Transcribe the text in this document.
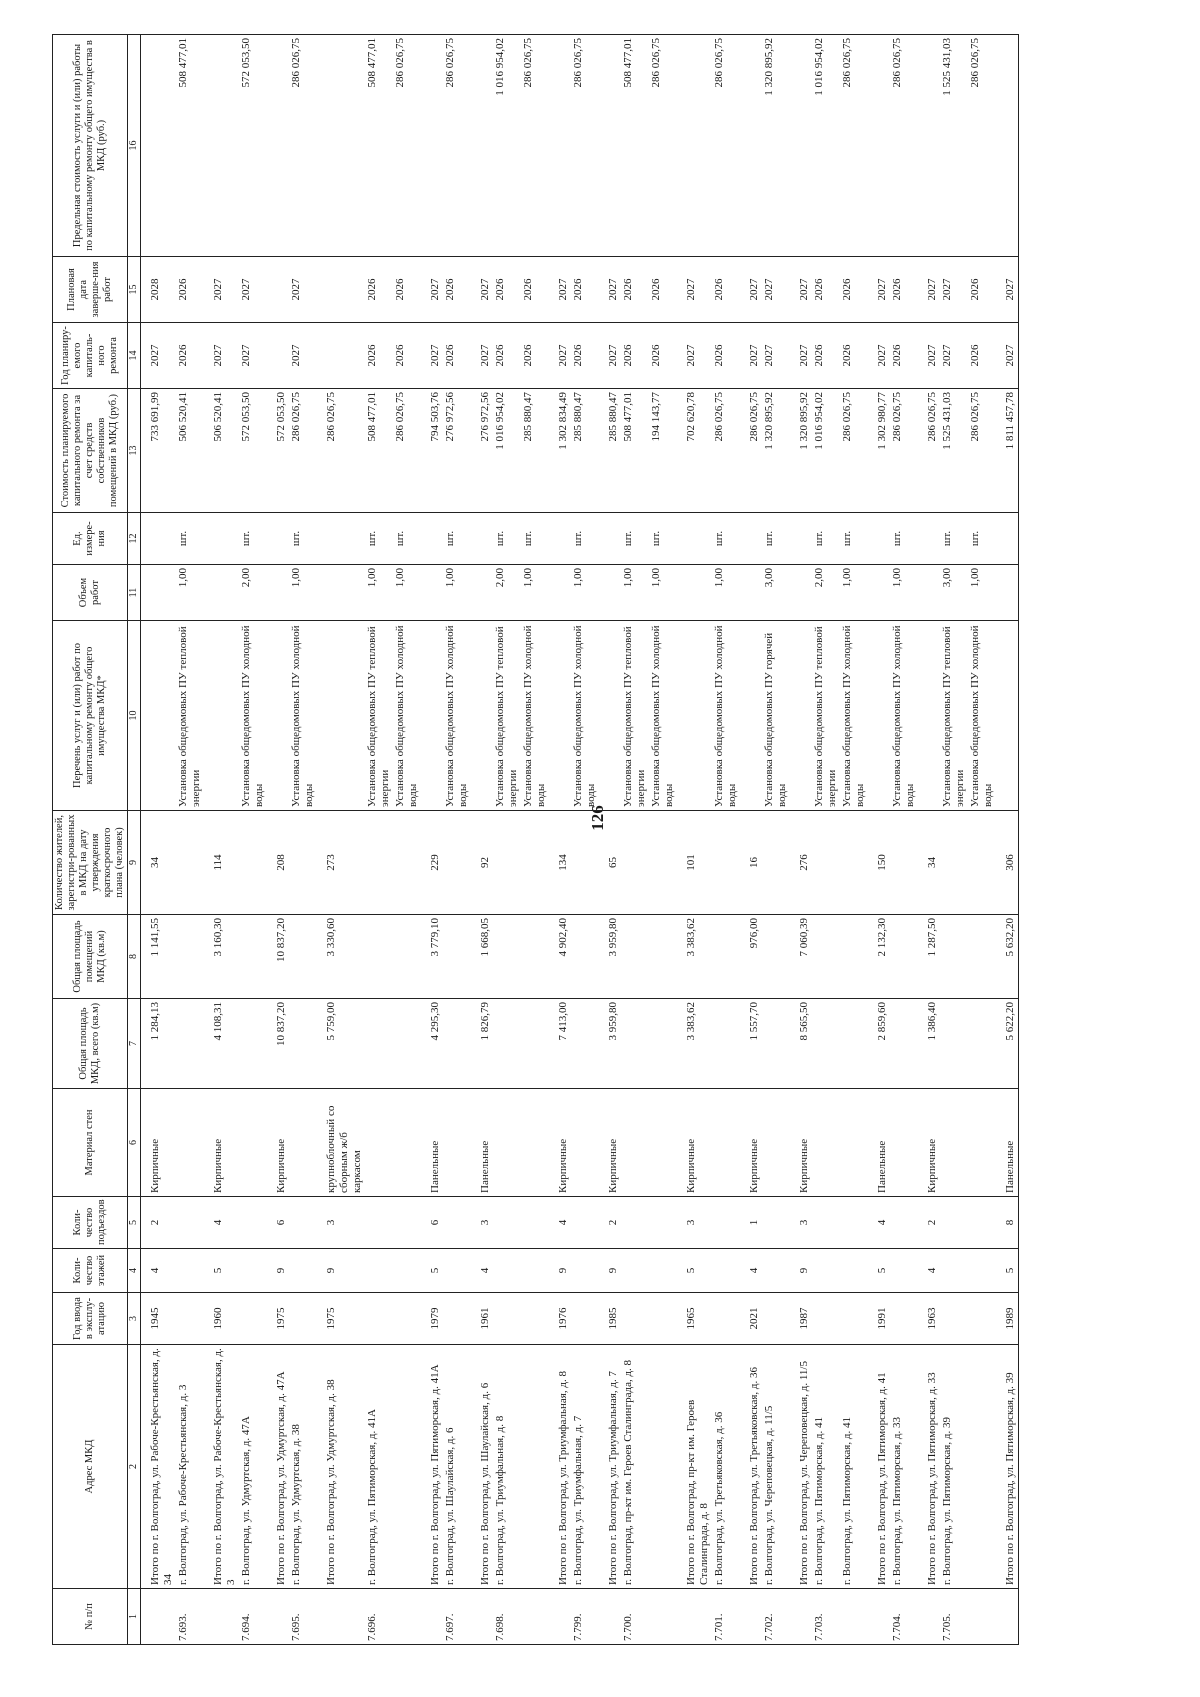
126
№ п/п	Адрес МКД	Год ввода в эксплу-атацию	Коли-чество этажей	Коли-чество подъездов	Материал стен	Общая площадь МКД, всего (кв.м)	Общая площадь помещений МКД (кв.м)	Количество жителей, зарегистри-рованных в МКД на дату утверждения краткосрочного плана (человек)	Перечень услуг и (или) работ по капитальному ремонту общего имущества МКД*	Объем работ	Ед. измере-ния	Стоимость планируемого капитального ремонта за счет средств собственников помещений в МКД (руб.)	Год планиру-емого капиталь-ного ремонта	Плановая дата заверше-ния работ	Предельная стоимость услуги и (или) работы по капитальному ремонту общего имущества в МКД (руб.)
1	2	3	4	5	6	7	8	9	10	11	12	13	14	15	16
	Итого по г. Волгоград, ул. Рабоче-Крестьянская, д. 34	1945	4	2	Кирпичные	1 284,13	1 141,55	34				733 691,99	2027	2028	
7.693.	г. Волгоград, ул. Рабоче-Крестьянская, д. 3								Установка общедомовых ПУ тепловой энергии	1,00	шт.	506 520,41	2026	2026	508 477,01
	Итого по г. Волгоград, ул. Рабоче-Крестьянская, д. 3	1960	5	4	Кирпичные	4 108,31	3 160,30	114				506 520,41	2027	2027	
7.694.	г. Волгоград, ул. Удмуртская, д. 47А								Установка общедомовых ПУ холодной воды	2,00	шт.	572 053,50	2027	2027	572 053,50
	Итого по г. Волгоград, ул. Удмуртская, д. 47А	1975	9	6	Кирпичные	10 837,20	10 837,20	208				572 053,50			
7.695.	г. Волгоград, ул. Удмуртская, д. 38								Установка общедомовых ПУ холодной воды	1,00	шт.	286 026,75	2027	2027	286 026,75
	Итого по г. Волгоград, ул. Удмуртская, д. 38	1975	9	3	крупноблочный со сборным ж/б каркасом	5 759,00	3 330,60	273				286 026,75			
7.696.	г. Волгоград, ул. Пятиморская, д. 41А								Установка общедомовых ПУ тепловой энергии	1,00	шт.	508 477,01	2026	2026	508 477,01
									Установка общедомовых ПУ холодной воды	1,00	шт.	286 026,75	2026	2026	286 026,75
	Итого по г. Волгоград, ул. Пятиморская, д. 41А	1979	5	6	Панельные	4 295,30	3 779,10	229				794 503,76	2027	2027	
7.697.	г. Волгоград, ул. Шаулайская, д. 6								Установка общедомовых ПУ холодной воды	1,00	шт.	276 972,56	2026	2026	286 026,75
	Итого по г. Волгоград, ул. Шаулайская, д. 6	1961	4	3	Панельные	1 826,79	1 668,05	92				276 972,56	2027	2027	
7.698.	г. Волгоград, ул. Триумфальная, д. 8								Установка общедомовых ПУ тепловой энергии	2,00	шт.	1 016 954,02	2026	2026	1 016 954,02
									Установка общедомовых ПУ холодной воды	1,00	шт.	285 880,47	2026	2026	286 026,75
	Итого по г. Волгоград, ул. Триумфальная, д. 8	1976	9	4	Кирпичные	7 413,00	4 902,40	134				1 302 834,49	2027	2027	
7.799.	г. Волгоград, ул. Триумфальная, д. 7								Установка общедомовых ПУ холодной воды	1,00	шт.	285 880,47	2026	2026	286 026,75
	Итого по г. Волгоград, ул. Триумфальная, д. 7	1985	9	2	Кирпичные	3 959,80	3 959,80	65				285 880,47	2027	2027	
7.700.	г. Волгоград, пр-кт им. Героев Сталинграда, д. 8								Установка общедомовых ПУ тепловой энергии	1,00	шт.	508 477,01	2026	2026	508 477,01
									Установка общедомовых ПУ холодной воды	1,00	шт.	194 143,77	2026	2026	286 026,75
	Итого по г. Волгоград, пр-кт им. Героев Сталинграда, д. 8	1965	5	3	Кирпичные	3 383,62	3 383,62	101				702 620,78	2027	2027	
7.701.	г. Волгоград, ул. Третьяковская, д. 36								Установка общедомовых ПУ холодной воды	1,00	шт.	286 026,75	2026	2026	286 026,75
	Итого по г. Волгоград, ул. Третьяковская, д. 36	2021	4	1	Кирпичные	1 557,70	976,00	16				286 026,75	2027	2027	
7.702.	г. Волгоград, ул. Череповецкая, д. 11/5								Установка общедомовых ПУ горячей воды	3,00	шт.	1 320 895,92	2027	2027	1 320 895,92
	Итого по г. Волгоград, ул. Череповецкая, д. 11/5	1987	9	3	Кирпичные	8 565,50	7 060,39	276				1 320 895,92	2027	2027	
7.703.	г. Волгоград, ул. Пятиморская, д. 41								Установка общедомовых ПУ тепловой энергии	2,00	шт.	1 016 954,02	2026	2026	1 016 954,02
	г. Волгоград, ул. Пятиморская, д. 41								Установка общедомовых ПУ холодной воды	1,00	шт.	286 026,75	2026	2026	286 026,75
	Итого по г. Волгоград, ул. Пятиморская, д. 41	1991	5	4	Панельные	2 859,60	2 132,30	150				1 302 980,77	2027	2027	
7.704.	г. Волгоград, ул. Пятиморская, д. 33								Установка общедомовых ПУ холодной воды	1,00	шт.	286 026,75	2026	2026	286 026,75
	Итого по г. Волгоград, ул. Пятиморская, д. 33	1963	4	2	Кирпичные	1 386,40	1 287,50	34				286 026,75	2027	2027	
7.705.	г. Волгоград, ул. Пятиморская, д. 39								Установка общедомовых ПУ тепловой энергии	3,00	шт.	1 525 431,03	2027	2027	1 525 431,03
									Установка общедомовых ПУ холодной воды	1,00	шт.	286 026,75	2026	2026	286 026,75
	Итого по г. Волгоград, ул. Пятиморская, д. 39	1989	5	8	Панельные	5 622,20	5 632,20	306				1 811 457,78	2027	2027	
